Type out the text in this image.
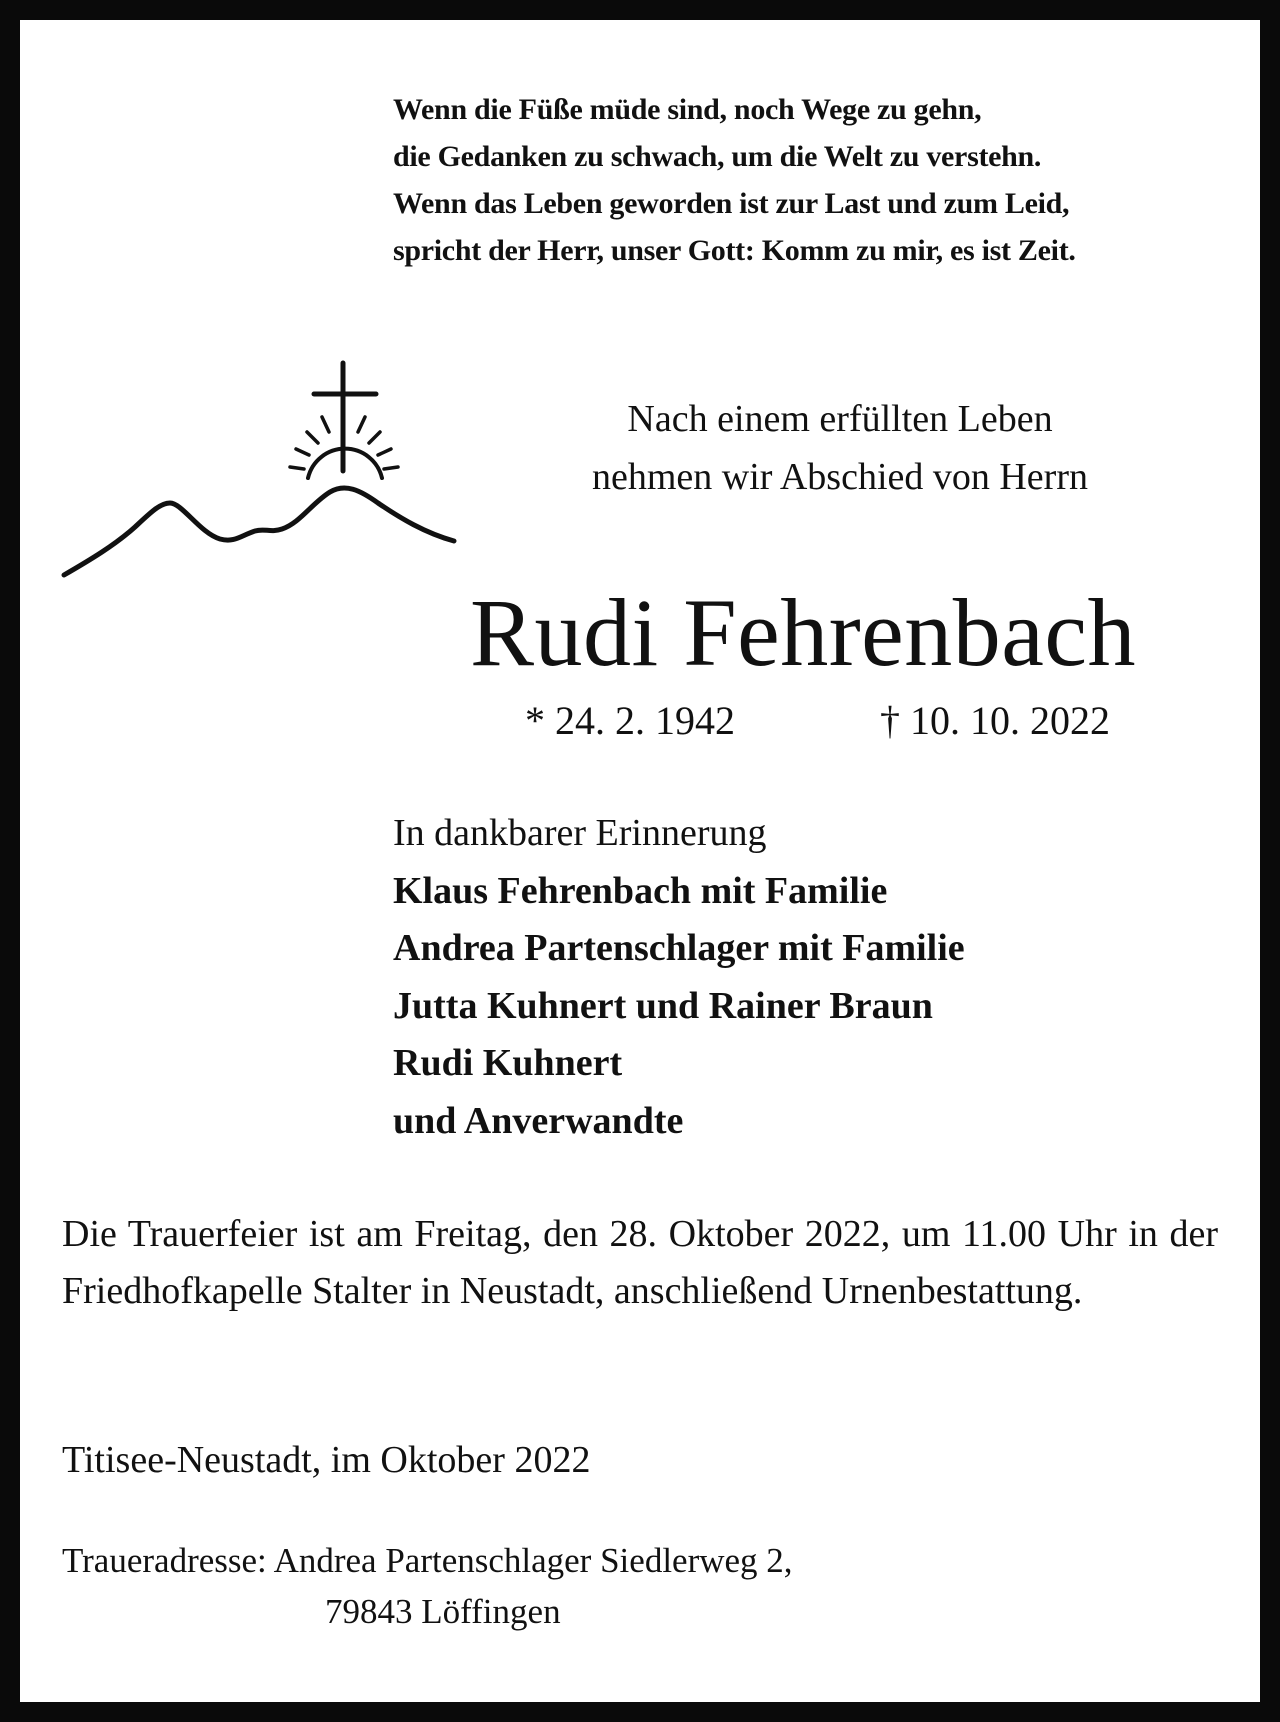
Wenn die Füße müde sind, noch Wege zu gehn,
die Gedanken zu schwach, um die Welt zu verstehn.
Wenn das Leben geworden ist zur Last und zum Leid,
spricht der Herr, unser Gott: Komm zu mir, es ist Zeit.
Nach einem erfüllten Leben
nehmen wir Abschied von Herrn
Rudi Fehrenbach
* 24. 2. 1942	† 10. 10. 2022
In dankbarer Erinnerung
Klaus Fehrenbach mit Familie
Andrea Partenschlager mit Familie
Jutta Kuhnert und Rainer Braun
Rudi Kuhnert
und Anverwandte
Die Trauerfeier ist am Freitag, den 28. Oktober 2022, um 11.00 Uhr in der Friedhofkapelle Stalter in Neustadt, anschließend Urnenbestattung.
Titisee-Neustadt, im Oktober 2022
Traueradresse: Andrea Partenschlager Siedlerweg 2,
79843 Löffingen
